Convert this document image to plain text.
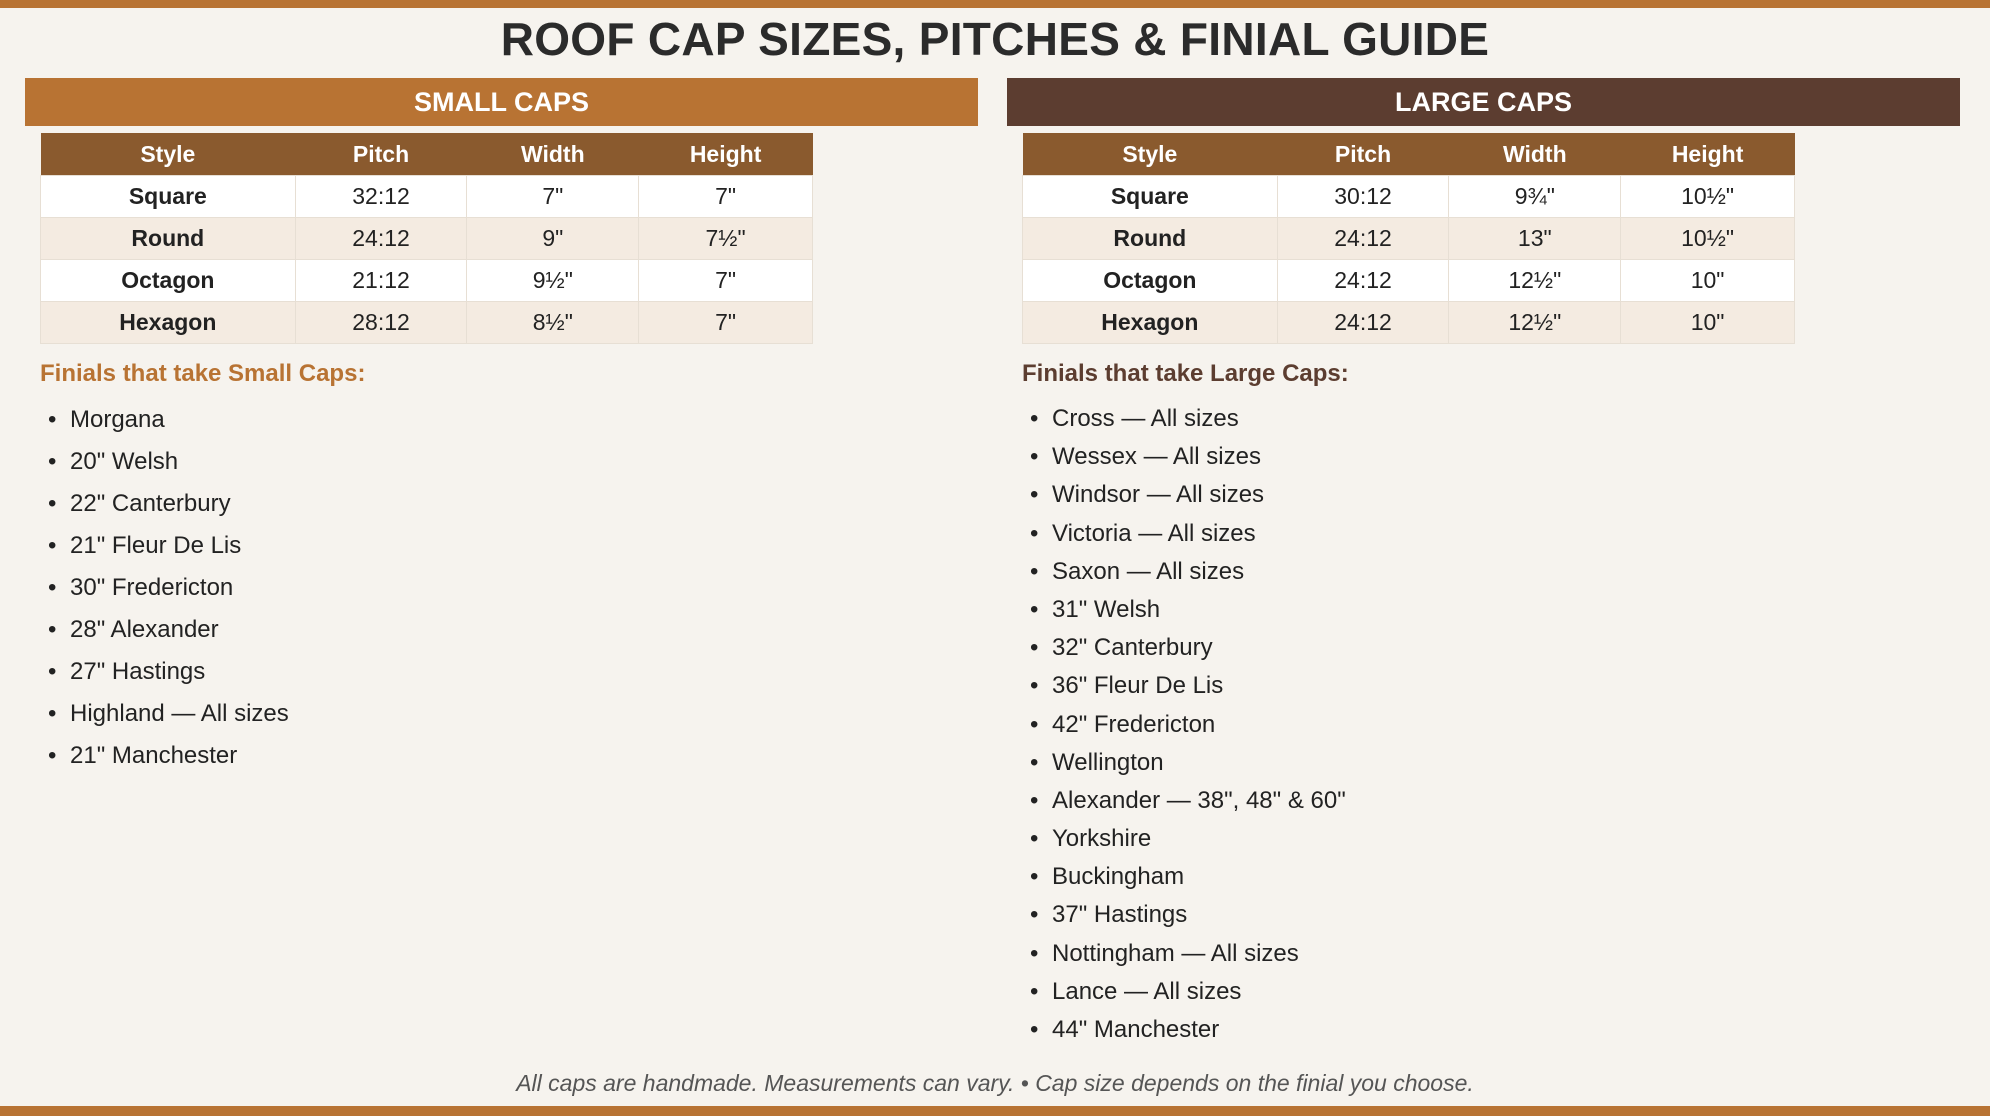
ROOF CAP SIZES, PITCHES & FINIAL GUIDE
SMALL CAPS	LARGE CAPS
Style	Pitch	Width	Height
Square	32:12	7"	7"
Round	24:12	9"	7½"
Octagon	21:12	9½"	7"
Hexagon	28:12	8½"	7"
Style	Pitch	Width	Height
Square	30:12	9¾"	10½"
Round	24:12	13"	10½"
Octagon	24:12	12½"	10"
Hexagon	24:12	12½"	10"
Finials that take Small Caps:	Finials that take Large Caps:
• Morgana
• 20" Welsh
• 22" Canterbury
• 21" Fleur De Lis
• 30" Fredericton
• 28" Alexander
• 27" Hastings
• Highland — All sizes
• 21" Manchester
• Cross — All sizes
• Wessex — All sizes
• Windsor — All sizes
• Victoria — All sizes
• Saxon — All sizes
• 31" Welsh
• 32" Canterbury
• 36" Fleur De Lis
• 42" Fredericton
• Wellington
• Alexander — 38", 48" & 60"
• Yorkshire
• Buckingham
• 37" Hastings
• Nottingham — All sizes
• Lance — All sizes
• 44" Manchester
All caps are handmade. Measurements can vary. • Cap size depends on the finial you choose.
